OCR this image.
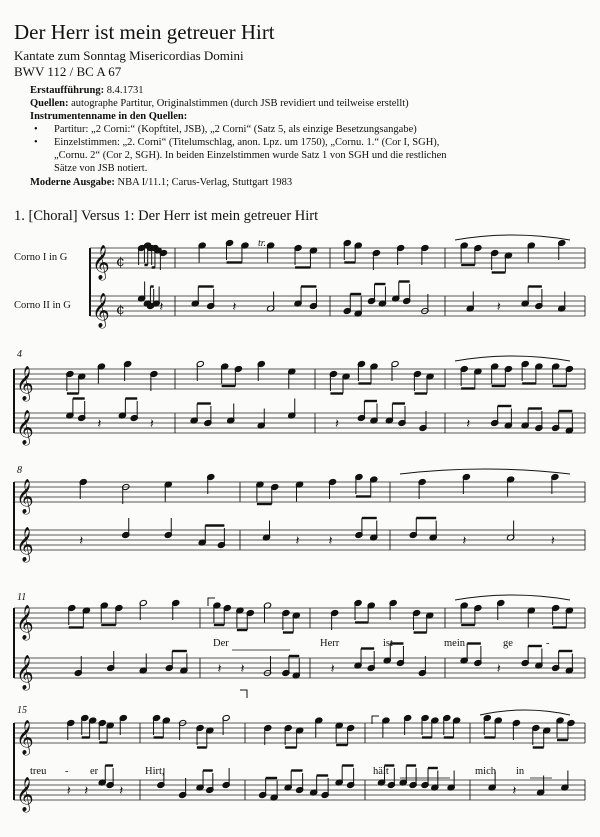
Der Herr ist mein getreuer Hirt
Kantate zum Sonntag Misericordias Domini
BWV 112 / BC A 67
Erstaufführung: 8.4.1731
Quellen: autographe Partitur, Originalstimmen (durch JSB revidiert und teilweise erstellt)
Instrumentenname in den Quellen:
• Partitur: „2 Corni:“ (Kopftitel, JSB), „2 Corni“ (Satz 5, als einzige Besetzungsangabe)
• Einzelstimmen: „2. Corni“ (Titelumschlag, anon. Lpz. um 1750), „Cornu. 1.“ (Cor I, SGH),
„Cornu. 2“ (Cor 2, SGH). In beiden Einzelstimmen wurde Satz 1 von SGH und die restlichen
Sätze von JSB notiert.
Moderne Ausgabe: NBA I/11.1; Carus-Verlag, Stuttgart 1983
1. [Choral] Versus 1: Der Herr ist mein getreuer Hirt
Corno I in G
Corno II in G
4
8
11
15
tr.
Der	Herr	ist	mein	ge	-
treu - er	Hirt,	hält	mich in
𝄞
𝄞
¢
¢	𝄽	𝄽	𝄽
𝄞
𝄞	𝄽	𝄽	𝄽	𝄽
𝄞
𝄞	𝄽	𝄽 𝄽	𝄽	𝄽
𝄞
𝄞	𝄽 𝄽	𝄽	𝄽
𝄞
𝄞	𝄽 𝄽 𝄽	𝄽
